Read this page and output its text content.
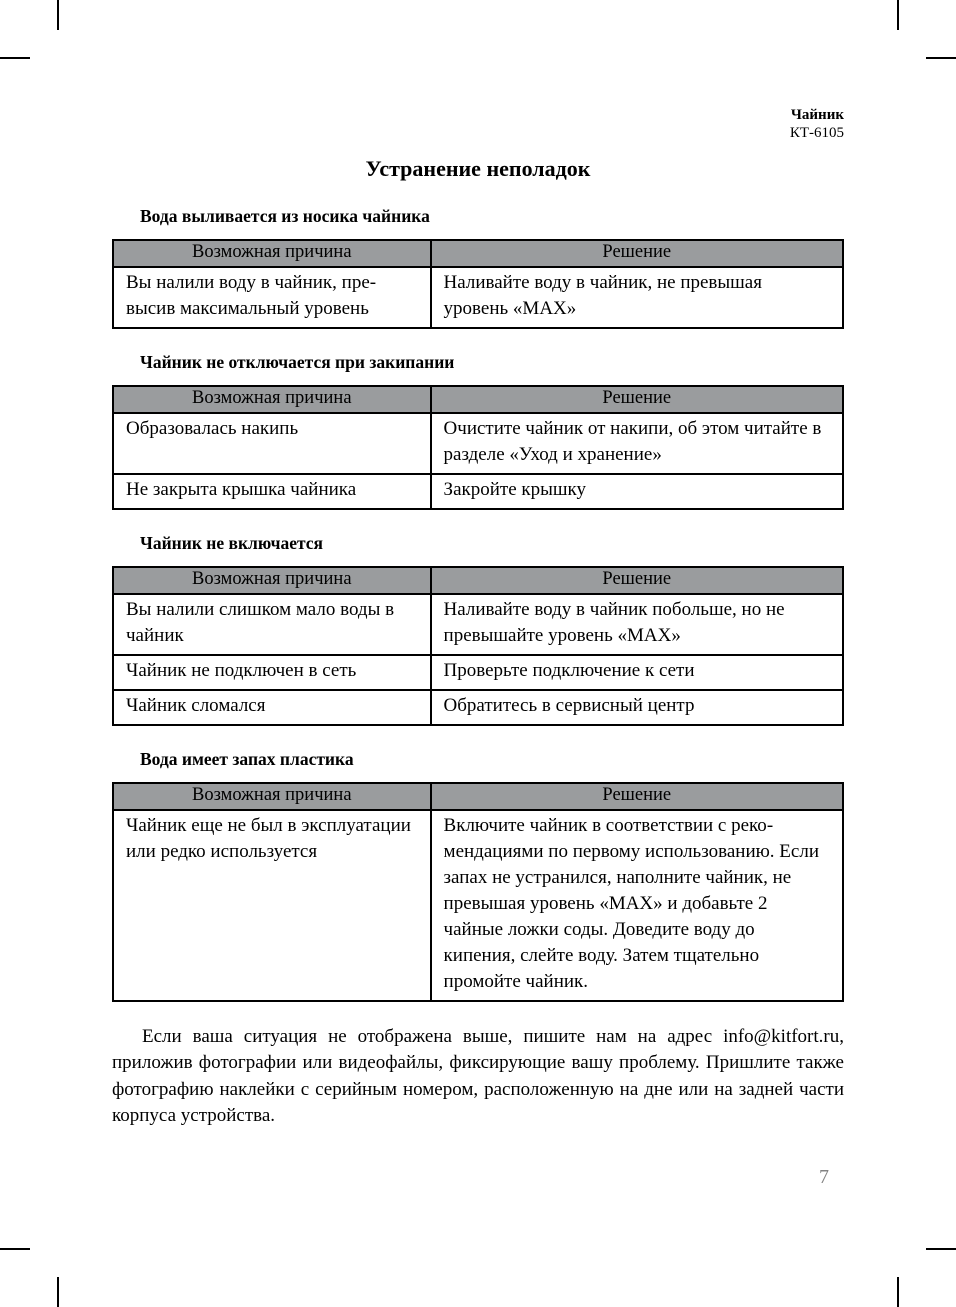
Чайник
КТ-6105
Устранение неполадок
Вода выливается из носика чайника
Возможная причина	Решение
Вы налили воду в чайник, превысив максимальный уровень	Наливайте воду в чайник, не превышая уровень «MAX»
Чайник не отключается при закипании
Возможная причина	Решение
Образовалась накипь	Очистите чайник от накипи, об этом читайте в разделе «Уход и хранение»
Не закрыта крышка чайника	Закройте крышку
Чайник не включается
Возможная причина	Решение
Вы налили слишком мало воды в чайник	Наливайте воду в чайник побольше, но не превышайте уровень «MAX»
Чайник не подключен в сеть	Проверьте подключение к сети
Чайник сломался	Обратитесь в сервисный центр
Вода имеет запах пластика
Возможная причина	Решение
Чайник еще не был в эксплуатации или редко используется	Включите чайник в соответствии с рекомендациями по первому использованию. Если запах не устранился, наполните чайник, не превышая уровень «MAX» и добавьте 2 чайные ложки соды. Доведите воду до кипения, слейте воду. Затем тщательно промойте чайник.

Если ваша ситуация не отображена выше, пишите нам на адрес info@kitfort.ru, приложив фотографии или видеофайлы, фиксирующие вашу проблему. Пришлите также фотографию наклейки с серийным номером, расположенную на дне или на задней части корпуса устройства.

7
